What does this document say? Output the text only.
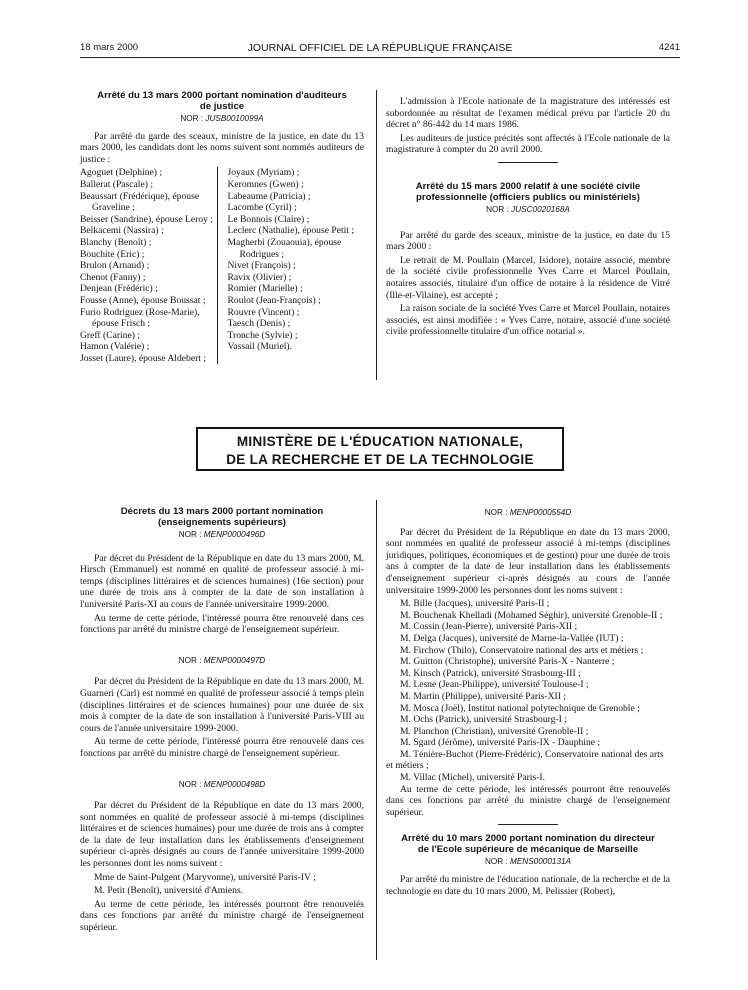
18 mars 2000	JOURNAL OFFICIEL DE LA RÉPUBLIQUE FRANÇAISE	4241
Arrêté du 13 mars 2000 portant nomination d'auditeurs de justice
NOR : JUSB0010099A

Par arrêté du garde des sceaux, ministre de la justice, en date du 13 mars 2000, les candidats dont les noms suivent sont nommés auditeurs de justice :

Agoguet (Delphine) ;
Ballerat (Pascale) ;
Beaussart (Frédérique), épouse Graveline ;
Beisser (Sandrine), épouse Leroy ;
Belkacemi (Nassira) ;
Blanchy (Benoît) ;
Bouchite (Eric) ;
Brulon (Arnaud) ;
Chenot (Fanny) ;
Denjean (Frédéric) ;
Fousse (Anne), épouse Boussat ;
Furio Rodriguez (Rose-Marie), épouse Frisch ;
Greff (Carine) ;
Hamon (Valérie) ;
Josset (Laure), épouse Aldebert ;
Joyaux (Myriam) ;
Keromnes (Gwen) ;
Labeaume (Patricia) ;
Lacombe (Cyril) ;
Le Bonnois (Claire) ;
Leclerc (Nathalie), épouse Petit ;
Magherbi (Zouaouia), épouse Rodrigues ;
Nivet (François) ;
Ravix (Olivier) ;
Romier (Marielle) ;
Roulot (Jean-François) ;
Rouvre (Vincent) ;
Taesch (Denis) ;
Tronche (Sylvie) ;
Vassail (Muriel).

L'admission à l'Ecole nationale de la magistrature des intéressés est subordonnée au résultat de l'examen médical prévu par l'article 20 du décret n° 86-442 du 14 mars 1986.

Les auditeurs de justice précités sont affectés à l'Ecole nationale de la magistrature à compter du 20 avril 2000.

Arrêté du 15 mars 2000 relatif à une société civile professionnelle (officiers publics ou ministériels)
NOR : JUSC0020168A

Par arrêté du garde des sceaux, ministre de la justice, en date du 15 mars 2000 :

Le retrait de M. Poullain (Marcel, Isidore), notaire associé, membre de la société civile professionnelle Yves Carre et Marcel Poullain, notaires associés, titulaire d'un office de notaire à la résidence de Vitré (Ille-et-Vilaine), est accepté ;

La raison sociale de la société Yves Carre et Marcel Poullain, notaires associés, est ainsi modifiée : « Yves Carre, notaire, associé d'une société civile professionnelle titulaire d'un office notarial ».

MINISTÈRE DE L'ÉDUCATION NATIONALE,
DE LA RECHERCHE ET DE LA TECHNOLOGIE
Décrets du 13 mars 2000 portant nomination (enseignements supérieurs)
NOR : MENP0000496D

Par décret du Président de la République en date du 13 mars 2000, M. Hirsch (Emmanuel) est nommé en qualité de professeur associé à mi-temps (disciplines littéraires et de sciences humaines) (16e section) pour une durée de trois ans à compter de la date de son installation à l'université Paris-XI au cours de l'année universitaire 1999-2000.

Au terme de cette période, l'intéressé pourra être renouvelé dans ces fonctions par arrêté du ministre chargé de l'enseignement supérieur.

NOR : MENP0000497D

Par décret du Président de la République en date du 13 mars 2000, M. Guarneri (Carl) est nommé en qualité de professeur associé à temps plein (disciplines littéraires et de sciences humaines) pour une durée de six mois à compter de la date de son installation à l'université Paris-VIII au cours de l'année universitaire 1999-2000.

Au terme de cette période, l'intéressé pourra être renouvelé dans ces fonctions par arrêté du ministre chargé de l'enseignement supérieur.

NOR : MENP0000498D

Par décret du Président de la République en date du 13 mars 2000, sont nommées en qualité de professeur associé à mi-temps (disciplines littéraires et de sciences humaines) pour une durée de trois ans à compter de la date de leur installation dans les établissements d'enseignement supérieur ci-après désignés au cours de l'année universitaire 1999-2000 les personnes dont les noms suivent :

Mme de Saint-Pulgent (Maryvonne), université Paris-IV ;

M. Petit (Benoît), université d'Amiens.

Au terme de cette période, les intéressés pourront être renouvelés dans ces fonctions par arrêté du ministre chargé de l'enseignement supérieur.

NOR : MENP0000554D

Par décret du Président de la République en date du 13 mars 2000, sont nommées en qualité de professeur associé à mi-temps (disciplines juridiques, politiques, économiques et de gestion) pour une durée de trois ans à compter de la date de leur installation dans les établissements d'enseignement supérieur ci-après désignés au cours de l'année universitaire 1999-2000 les personnes dont les noms suivent :

M. Bille (Jacques), université Paris-II ;
M. Bouchenak Khelladi (Mohamed Séghir), université Grenoble-II ;
M. Cossin (Jean-Pierre), université Paris-XII ;
M. Delga (Jacques), université de Marne-la-Vallée (IUT) ;
M. Firchow (Thilo), Conservatoire national des arts et métiers ;
M. Guitton (Christophe), université Paris-X - Nanterre ;
M. Kinsch (Patrick), université Strasbourg-III ;
M. Lesne (Jean-Philippe), université Toulouse-I ;
M. Martin (Philippe), université Paris-XII ;
M. Mosca (Joël), Institut national polytechnique de Grenoble ;
M. Ochs (Patrick), université Strasbourg-I ;
M. Planchon (Christian), université Grenoble-II ;
M. Sgard (Jérôme), université Paris-IX - Dauphine ;
M. Ténière-Buchot (Pierre-Frédéric), Conservatoire national des arts et métiers ;
M. Villac (Michel), université Paris-I.

Au terme de cette période, les intéressés pourront être renouvelés dans ces fonctions par arrêté du ministre chargé de l'enseignement supérieur.

Arrêté du 10 mars 2000 portant nomination du directeur de l'Ecole supérieure de mécanique de Marseille
NOR : MENS0000131A

Par arrêté du ministre de l'éducation nationale, de la recherche et de la technologie en date du 10 mars 2000, M. Pelissier (Robert),
